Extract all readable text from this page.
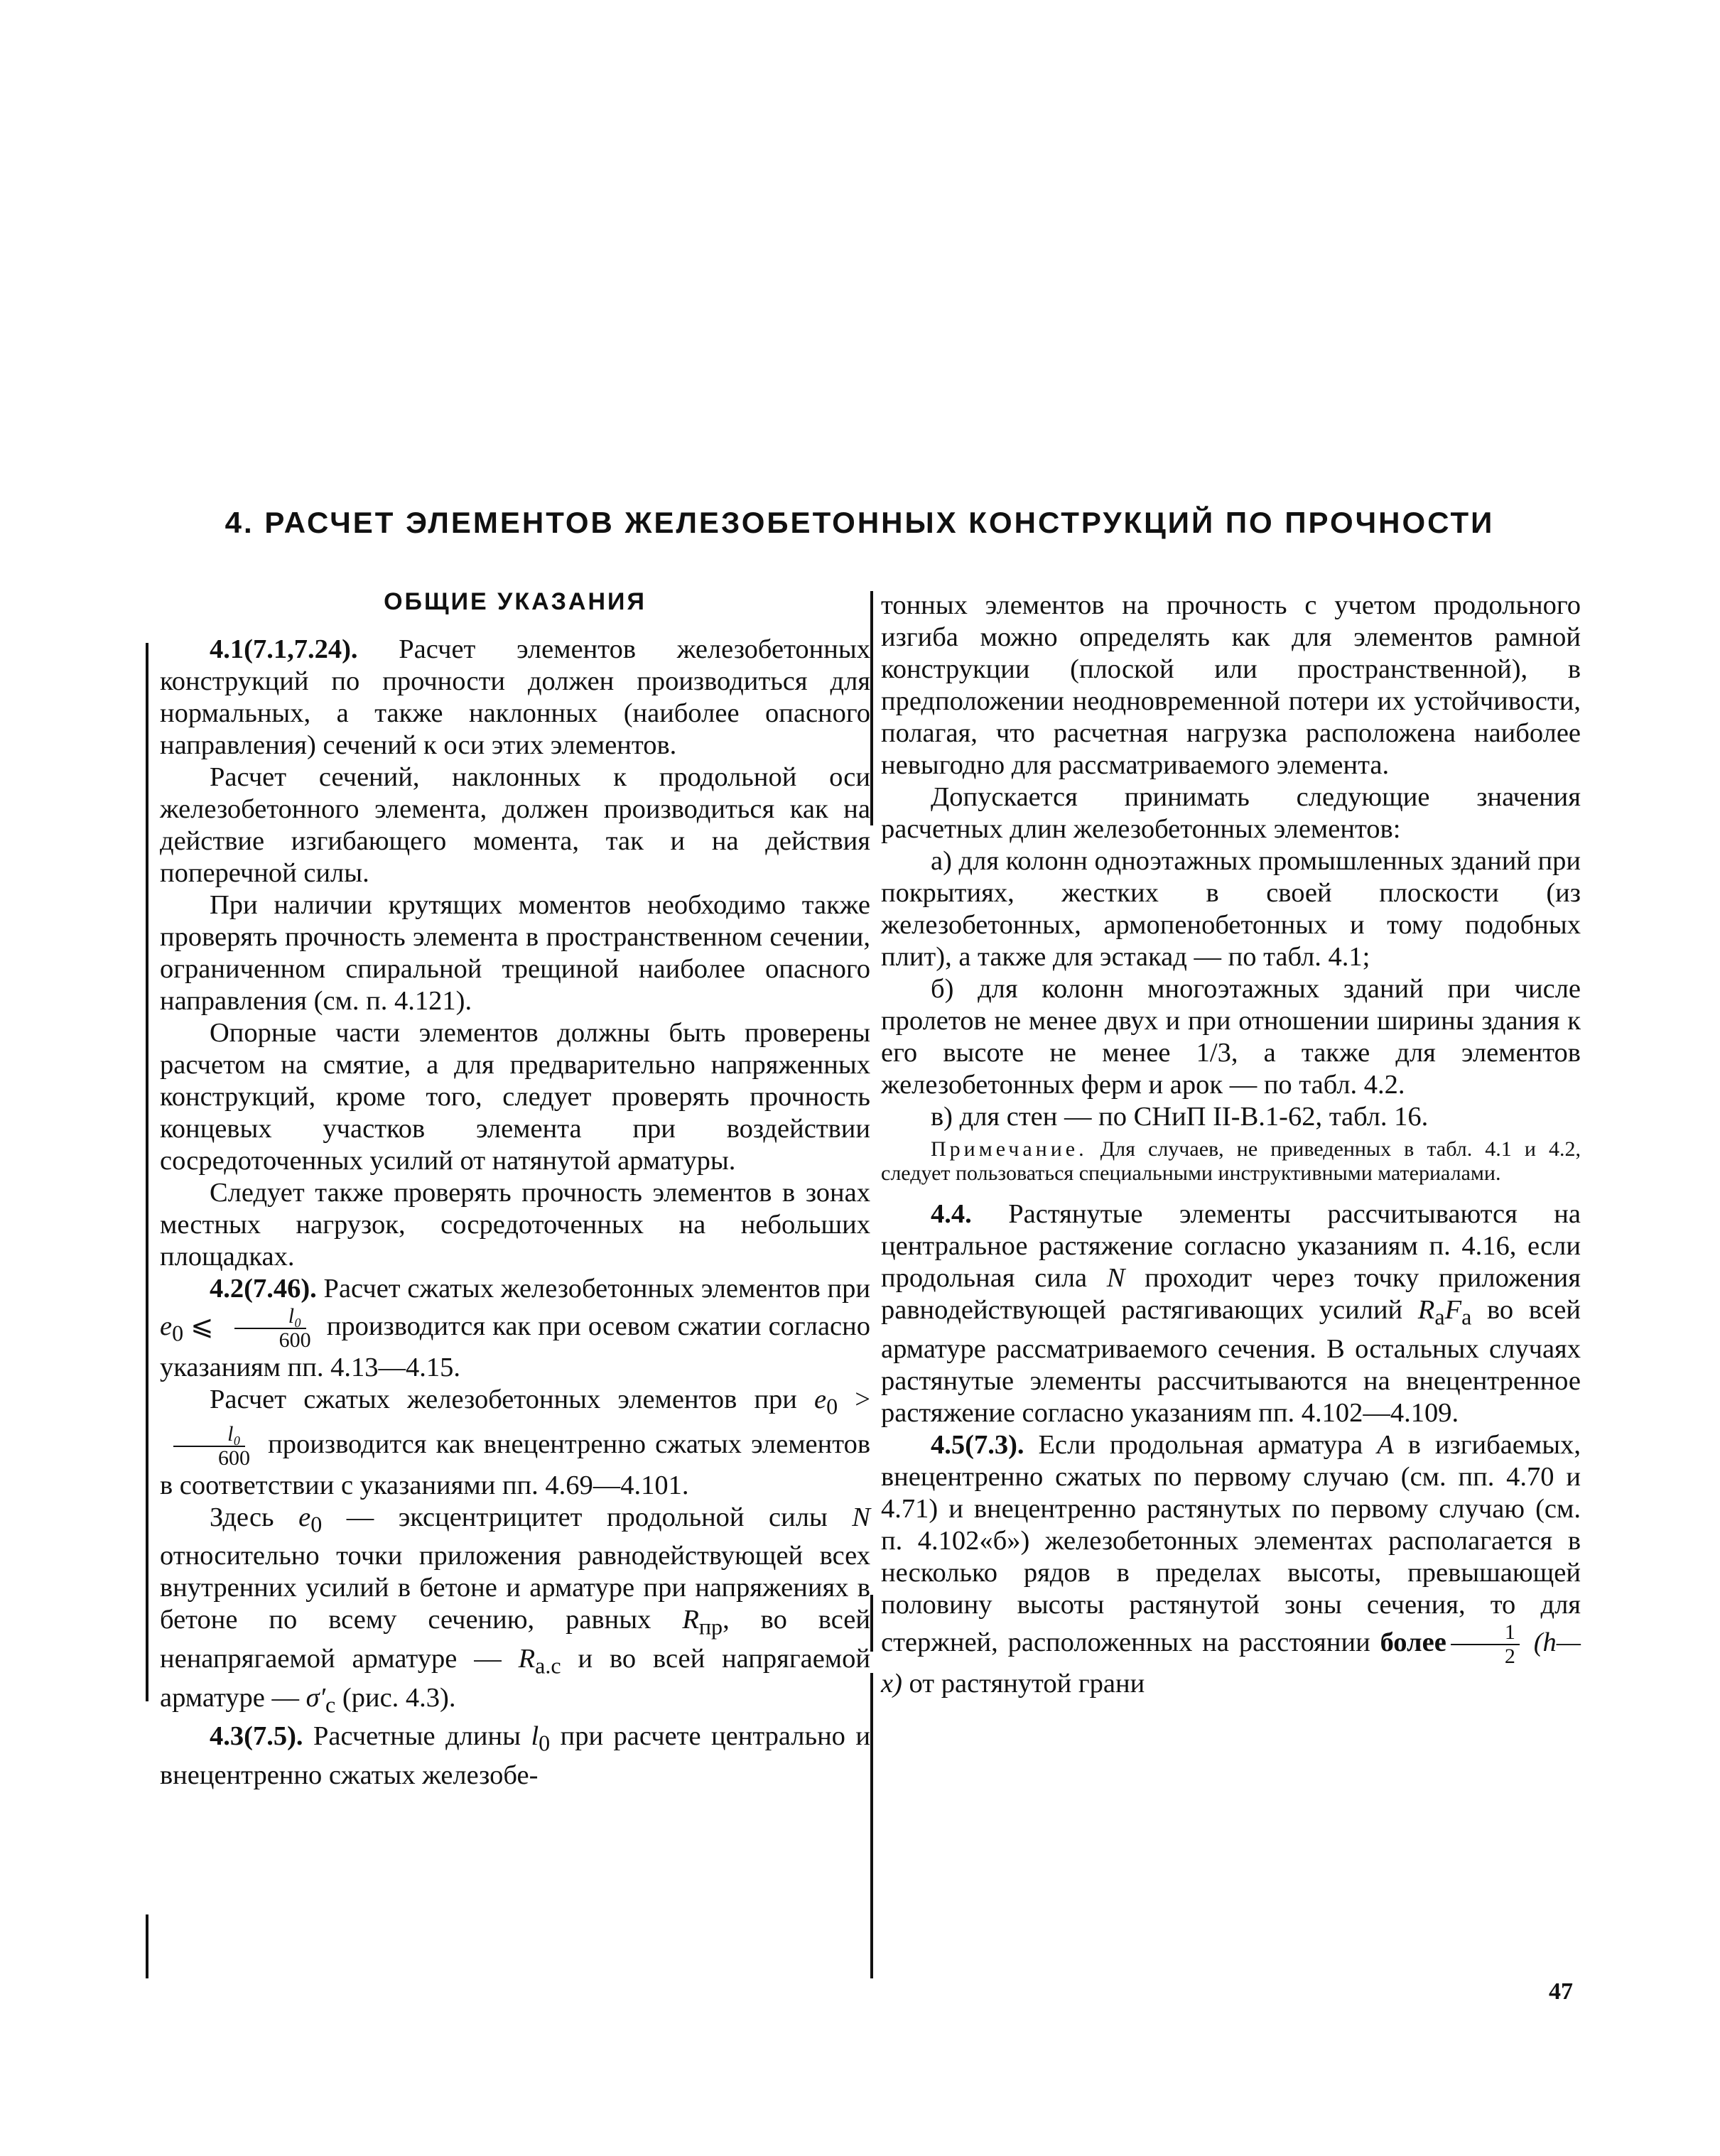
4. РАСЧЕТ ЭЛЕМЕНТОВ ЖЕЛЕЗОБЕТОННЫХ КОНСТРУКЦИЙ ПО ПРОЧНОСТИ
ОБЩИЕ УКАЗАНИЯ

4.1(7.1,7.24). Расчет элементов железобетонных конструкций по прочности должен производиться для нормальных, а также наклонных (наиболее опасного направления) сечений к оси этих элементов.

Расчет сечений, наклонных к продольной оси железобетонного элемента, должен производиться как на действие изгибающего момента, так и на действия поперечной силы.

При наличии крутящих моментов необходимо также проверять прочность элемента в пространственном сечении, ограниченном спиральной трещиной наиболее опасного направления (см. п. 4.121).

Опорные части элементов должны быть проверены расчетом на смятие, а для предварительно напряженных конструкций, кроме того, следует проверять прочность концевых участков элемента при воздействии сосредоточенных усилий от натянутой арматуры.

Следует также проверять прочность элементов в зонах местных нагрузок, сосредоточенных на небольших площадках.

4.2(7.46). Расчет сжатых железобетонных элементов при $e_0$ ⩽ $\frac{\text{l₀}}{600}$ производится как при осевом сжатии согласно указаниям пп. 4.13—4.15.

Расчет сжатых железобетонных элементов при $e_0$ >
$\frac{\text{l₀}}{600}$ производится как внецентренно сжатых элементов в соответствии с указаниями пп. 4.69—4.101.

Здесь $e_0$ — эксцентрицитет продольной силы N относительно точки приложения равнодействующей всех внутренних усилий в бетоне и арматуре при напряжениях в бетоне по всему сечению, равных $R_{пр}$, во всей ненапрягаемой арматуре — $R_{а.с}$ и во всей напрягаемой арматуре — $\sigma'_с$ (рис. 4.3).

4.3(7.5). Расчетные длины $l_0$ при расчете центрально и внецентренно сжатых железобе-

тонных элементов на прочность с учетом продольного изгиба можно определять как для элементов рамной конструкции (плоской или пространственной), в предположении неодновременной потери их устойчивости, полагая, что расчетная нагрузка расположена наиболее невыгодно для рассматриваемого элемента.

Допускается принимать следующие значения расчетных длин железобетонных элементов:

а) для колонн одноэтажных промышленных зданий при покрытиях, жестких в своей плоскости (из железобетонных, армопенобетонных и тому подобных плит), а также для эстакад — по табл. 4.1;

б) для колонн многоэтажных зданий при числе пролетов не менее двух и при отношении ширины здания к его высоте не менее 1/3, а также для элементов железобетонных ферм и арок — по табл. 4.2.

в) для стен — по СНиП II-В.1-62, табл. 16.

Примечание. Для случаев, не приведенных в табл. 4.1 и 4.2, следует пользоваться специальными инструктивными материалами.

4.4. Растянутые элементы рассчитываются на центральное растяжение согласно указаниям п. 4.16, если продольная сила N проходит через точку приложения равнодействующей растягивающих усилий $R_аF_а$ во всей арматуре рассматриваемого сечения. В остальных случаях растянутые элементы рассчитываются на внецентренное растяжение согласно указаниям пп. 4.102—4.109.

4.5(7.3). Если продольная арматура A в изгибаемых, внецентренно сжатых по первому случаю (см. пп. 4.70 и 4.71) и внецентренно растянутых по первому случаю (см. п. 4.102«б») железобетонных элементах располагается в несколько рядов в пределах высоты, превышающей половину высоты растянутой зоны сечения, то для стержней, расположенных на расстоянии более $\frac{1}{2}$ (h—x) от растянутой грани

47
